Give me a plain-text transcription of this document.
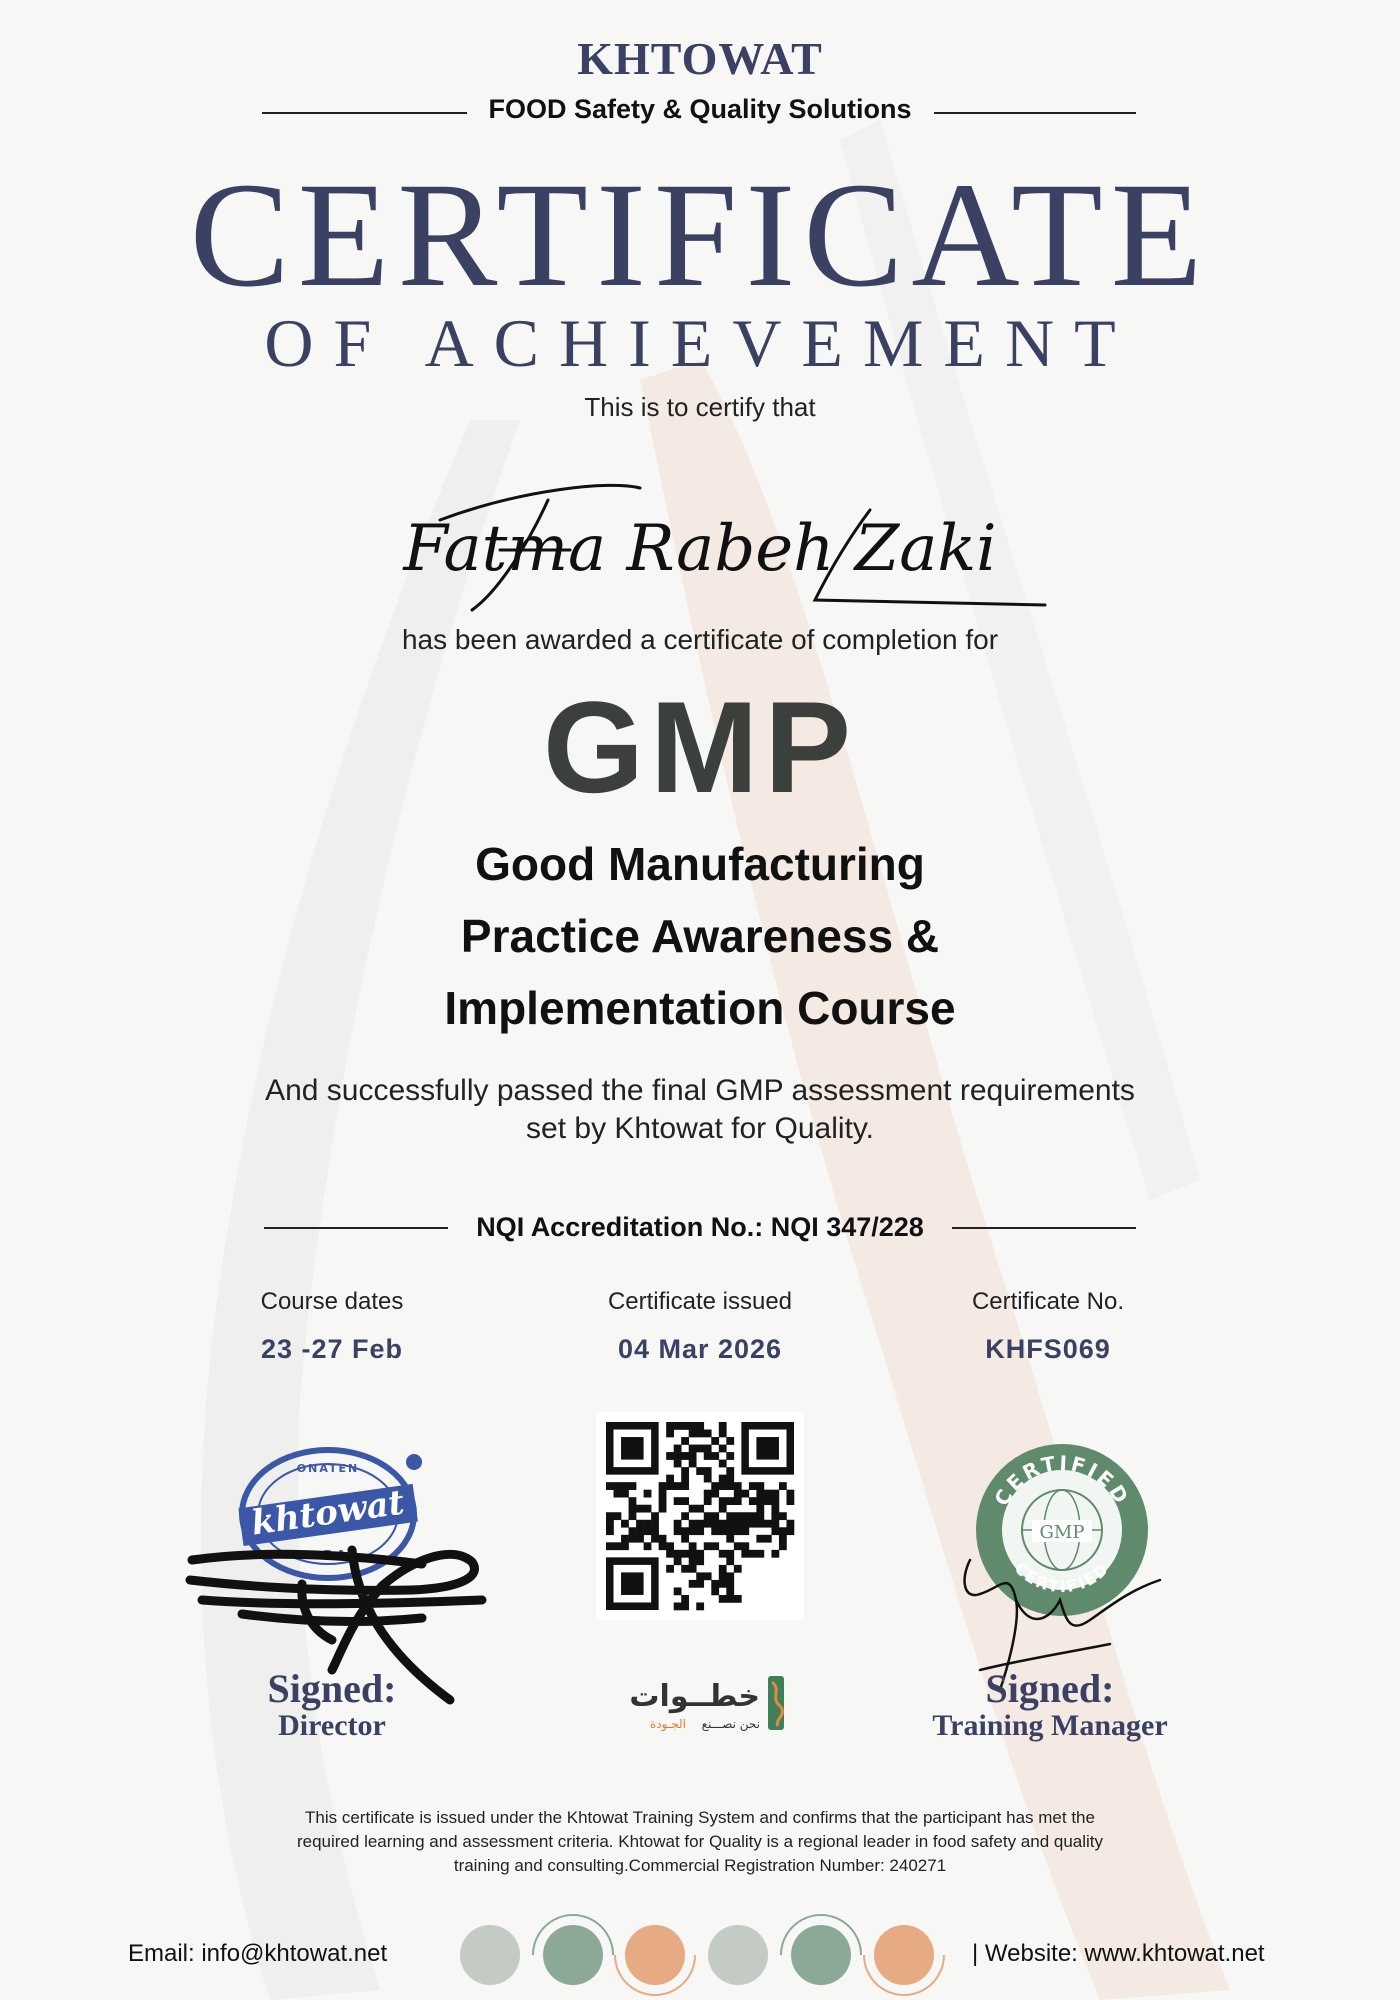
KHTOWAT
FOOD Safety & Quality Solutions
CERTIFICATE
OF ACHIEVEMENT
This is to certify that
Fatma Rabeh Zaki
has been awarded a certificate of completion for
GMP
Good Manufacturing
Practice Awareness &
Implementation Course
And successfully passed the final GMP assessment requirements
set by Khtowat for Quality.
NQI Accreditation No.: NQI 347/228
Course dates
23 -27 Feb
Certificate issued
04 Mar 2026
Certificate No.
KHFS069
khtowat
ONATEN
RAI
خطــوات
نحن نصـــنع
الجـودة
GMP
CERTIFIED
CERTIFIED
Signed:
Director
Signed:
Training Manager
This certificate is issued under the Khtowat Training System and confirms that the participant has met the
required learning and assessment criteria. Khtowat for Quality is a regional leader in food safety and quality
training and consulting.Commercial Registration Number: 240271
Email: info@khtowat.net	| Website: www.khtowat.net
